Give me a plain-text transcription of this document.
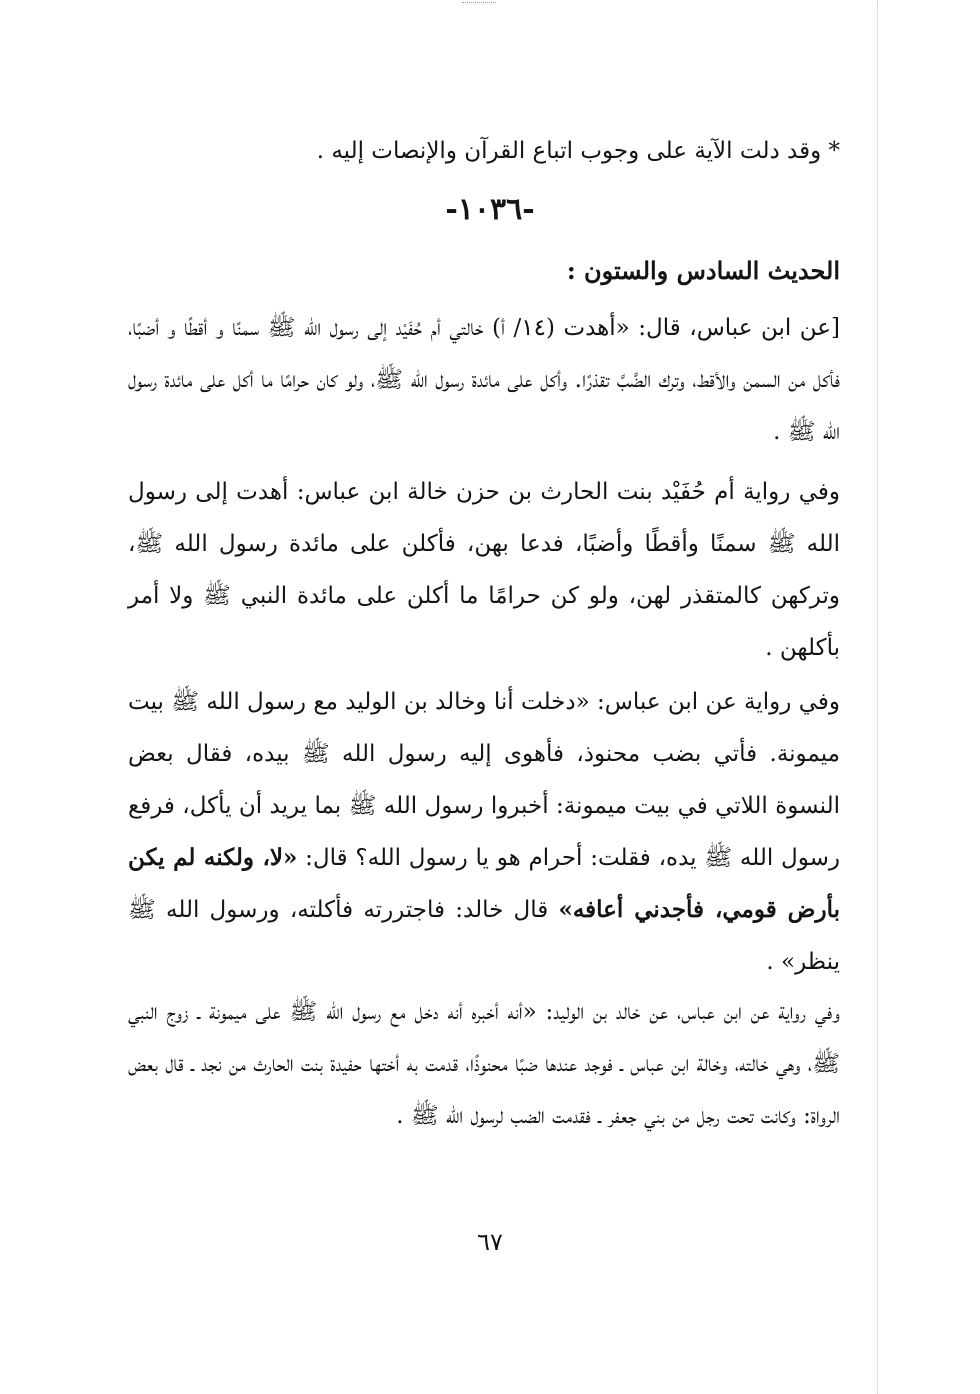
* وقد دلت الآية على وجوب اتباع القرآن والإنصات إليه .
-١٠٣٦-
الحديث السادس والستون :

[عن ابن عباس، قال: «أهدت (١٤/ أ) خالتي أم حُفَيْد إلى رسول الله ﷺ سمنًا و أقطًا و أضبًا، فأكل من السمن والأقط، وترك الضَّبَّ تقذرًا. وأكل على مائدة رسول الله ﷺ، ولو كان حرامًا ما أكل على مائدة رسول الله ﷺ .

وفي رواية أم حُفَيْد بنت الحارث بن حزن خالة ابن عباس: أهدت إلى رسول الله ﷺ سمنًا وأقطًا وأضبًا، فدعا بهن، فأكلن على مائدة رسول الله ﷺ، وتركهن كالمتقذر لهن، ولو كن حرامًا ما أكلن على مائدة النبي ﷺ ولا أمر بأكلهن .

وفي رواية عن ابن عباس: «دخلت أنا وخالد بن الوليد مع رسول الله ﷺ بيت ميمونة. فأتي بضب محنوذ، فأهوى إليه رسول الله ﷺ بيده، فقال بعض النسوة اللاتي في بيت ميمونة: أخبروا رسول الله ﷺ بما يريد أن يأكل، فرفع رسول الله ﷺ يده، فقلت: أحرام هو يا رسول الله؟ قال: «لا، ولكنه لم يكن بأرض قومي، فأجدني أعافه» قال خالد: فاجتررته فأكلته، ورسول الله ﷺ ينظر» .

وفي رواية عن ابن عباس، عن خالد بن الوليد: «أنه أخبره أنه دخل مع رسول الله ﷺ على ميمونة ـ زوج النبي ﷺ، وهي خالته، وخالة ابن عباس ـ فوجد عندها ضبًا محنوذًا، قدمت به أختها حفيدة بنت الحارث من نجد ـ قال بعض الرواة: وكانت تحت رجل من بني جعفر ـ فقدمت الضب لرسول الله ﷺ .

٦٧
